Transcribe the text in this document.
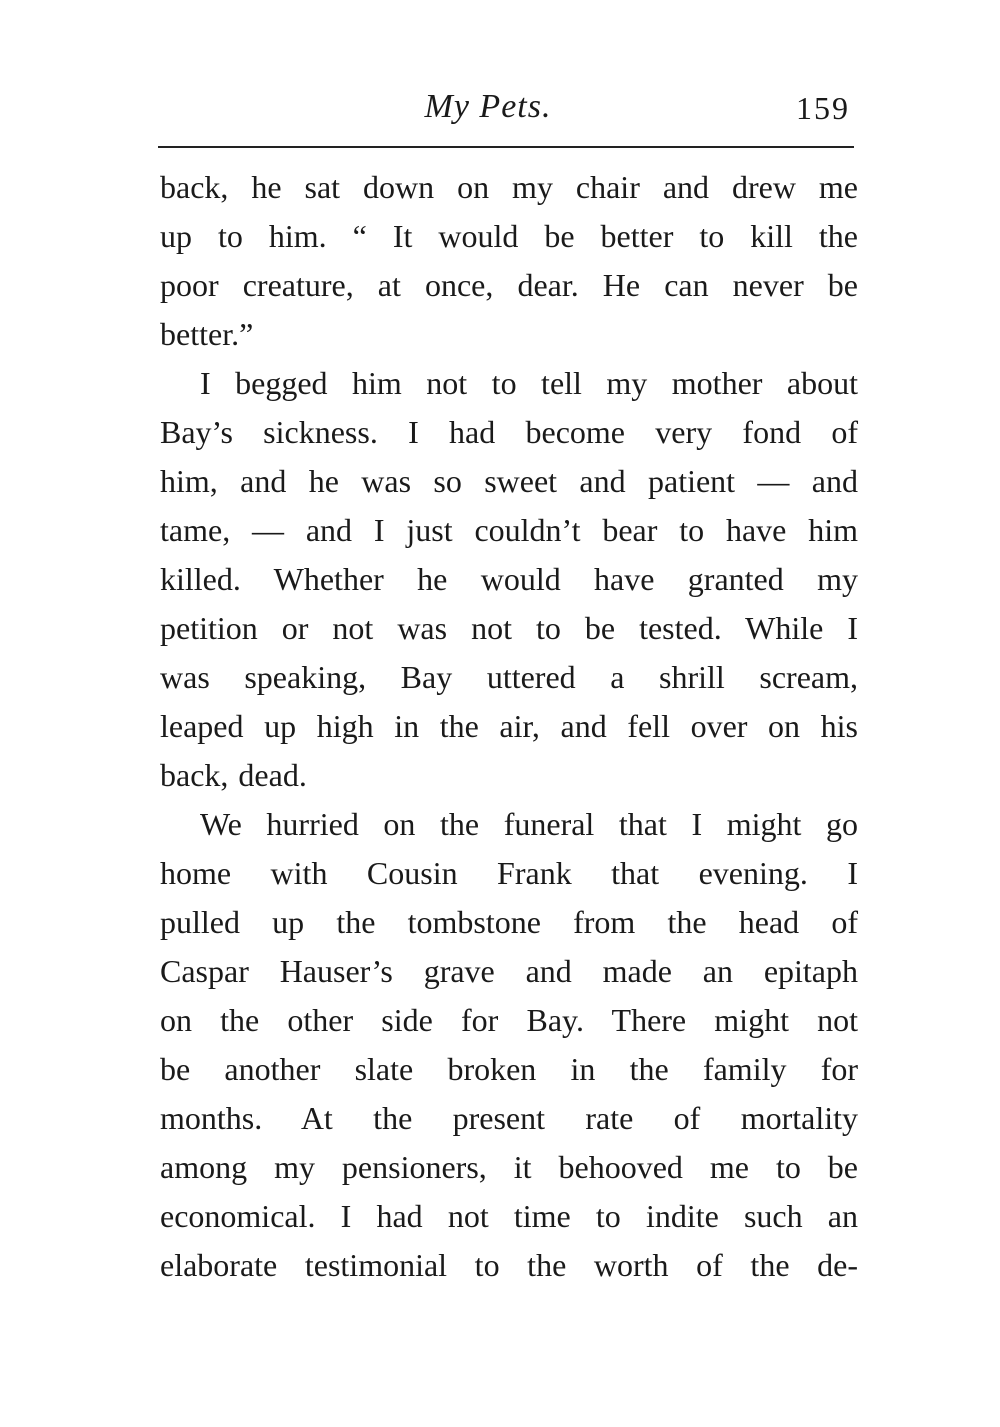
My Pets.	159
back, he sat down on my chair and drew me
up to him. “ It would be better to kill the
poor creature, at once, dear. He can never be
better.”
I begged him not to tell my mother about
Bay’s sickness. I had become very fond of
him, and he was so sweet and patient — and
tame, — and I just couldn’t bear to have him
killed. Whether he would have granted my
petition or not was not to be tested. While I
was speaking, Bay uttered a shrill scream,
leaped up high in the air, and fell over on his
back, dead.
We hurried on the funeral that I might go
home with Cousin Frank that evening. I
pulled up the tombstone from the head of
Caspar Hauser’s grave and made an epitaph
on the other side for Bay. There might not
be another slate broken in the family for
months. At the present rate of mortality
among my pensioners, it behooved me to be
economical. I had not time to indite such an
elaborate testimonial to the worth of the de-
